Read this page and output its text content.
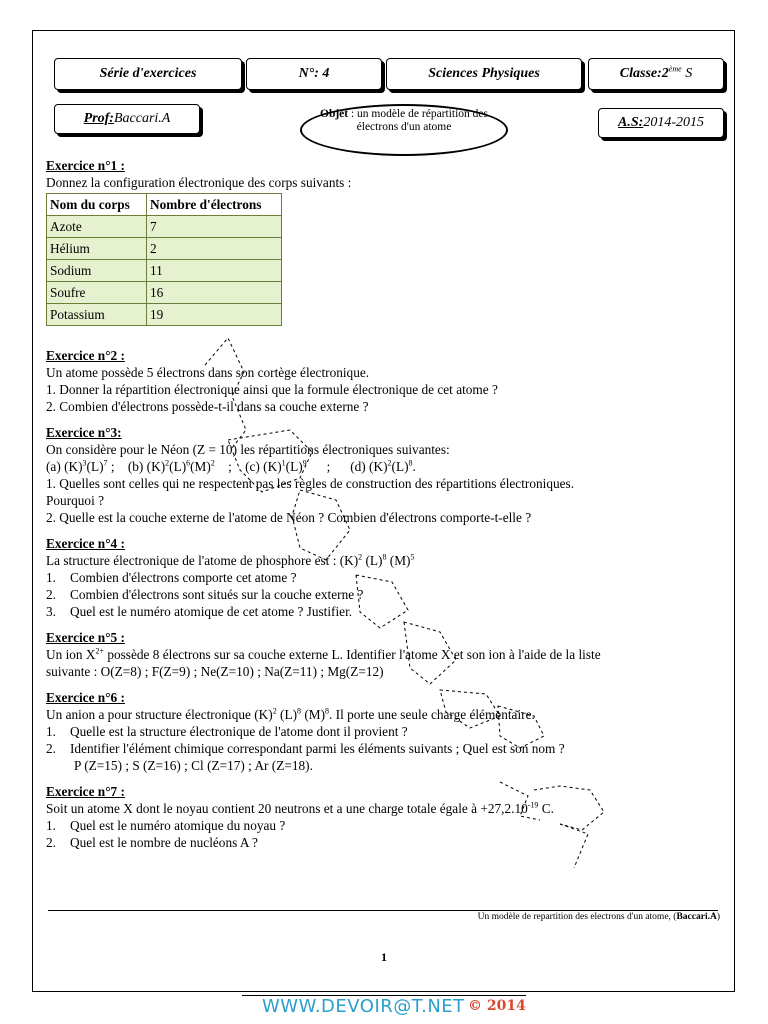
Série d'exercices	N°: 4	Sciences Physiques	Classe:2ème S
Prof:Baccari.A	Objet : un modèle de répartition des électrons d'un atome	A.S:2014-2015

Exercice n°1 :

Donnez la configuration électronique des corps suivants :

Nom du corps	Nombre d'électrons
Azote	7
Hélium	2
Sodium	11
Soufre	16
Potassium	19

Exercice n°2 :

Un atome possède 5 électrons dans son cortège électronique.

1. Donner la répartition électronique ainsi que la formule électronique de cet atome ?

2. Combien d'électrons possède-t-il dans sa couche externe ?

Exercice n°3:

On considère pour le Néon (Z = 10) les répartitions électroniques suivantes:

(a) $(K)^3(L)^7$ ;    (b) $(K)^2(L)^6(M)^2$    ;    (c) $(K)^1(L)^9$      ;      (d) $(K)^2(L)^8$.

1. Quelles sont celles qui ne respectent pas les règles de construction des répartitions électroniques.

Pourquoi ?

2. Quelle est la couche externe de l'atome de Néon ? Combien d'électrons comporte-t-elle ?

Exercice n°4 :

La structure électronique de l'atome de phosphore est : $(K)^2$ $(L)^8$ $(M)^5$

1. Combien d'électrons comporte cet atome ?

2. Combien d'électrons sont situés sur la couche externe ?

3. Quel est le numéro atomique de cet atome ? Justifier.

Exercice n°5 :

Un ion $X^{2+}$ possède 8 électrons sur sa couche externe L. Identifier l'atome X et son ion à l'aide de la liste

suivante : O(Z=8) ; F(Z=9) ; Ne(Z=10) ; Na(Z=11) ; Mg(Z=12)

Exercice n°6 :

Un anion a pour structure électronique $(K)^2$ $(L)^8$ $(M)^8$. Il porte une seule charge élémentaire.

1. Quelle est la structure électronique de l'atome dont il provient ?

2. Identifier l'élément chimique correspondant parmi les éléments suivants ; Quel est son nom ?

P (Z=15) ; S (Z=16) ; Cl (Z=17) ; Ar (Z=18).

Exercice n°7 :

Soit un atome X dont le noyau contient 20 neutrons et a une charge totale égale à $+27,2.10^{-19}$ C.

1. Quel est le numéro atomique du noyau ?

2. Quel est le nombre de nucléons A ?

Un modèle de repartition des electrons d'un atome, (Baccari.A)
1
WWW.DEVOIR@T.NET © 2014
